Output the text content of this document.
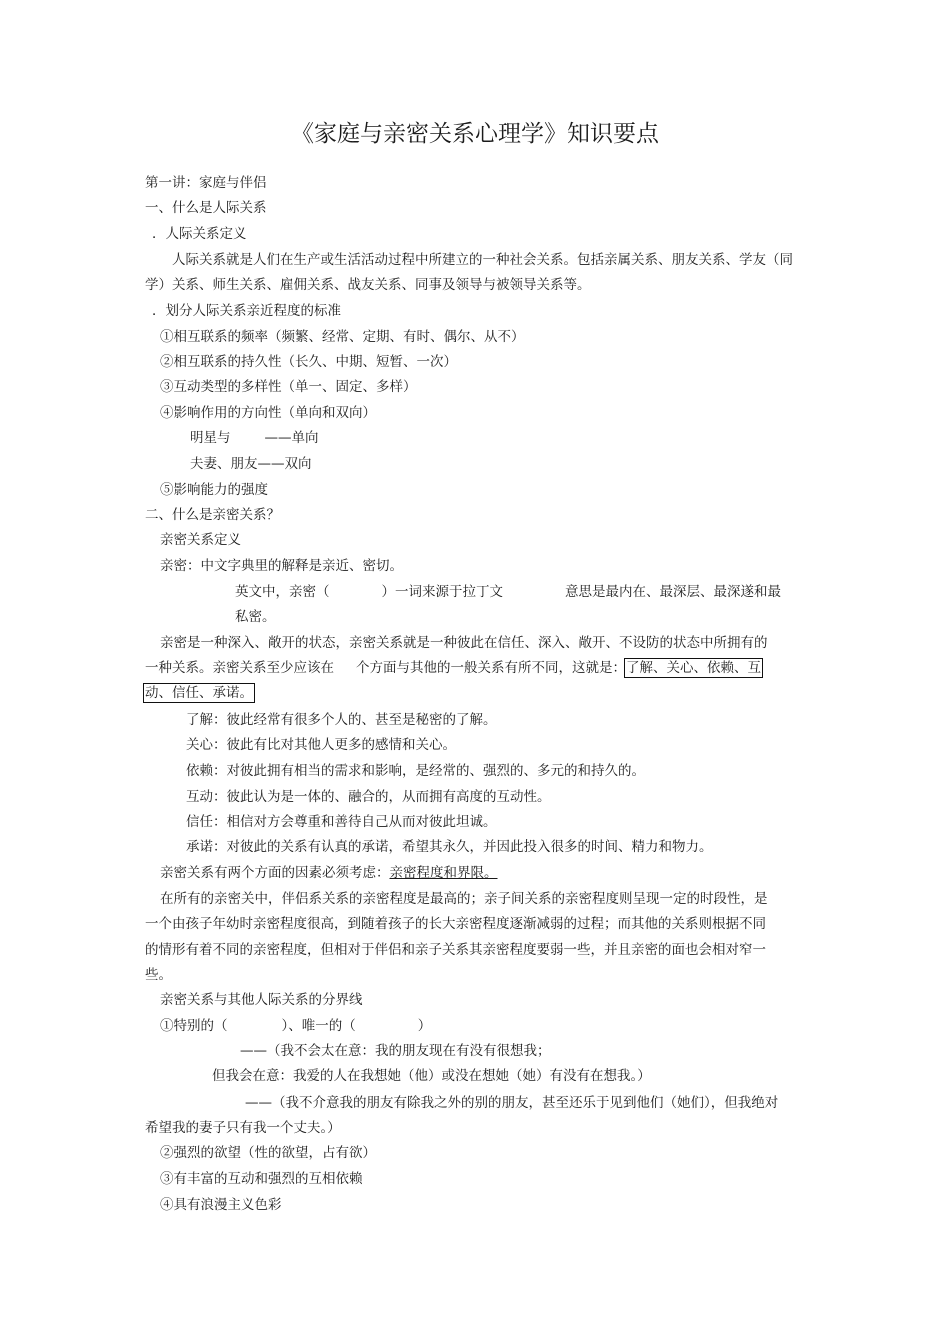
《家庭与亲密关系心理学》知识要点
第一讲：家庭与伴侣
一、什么是人际关系
．人际关系定义
人际关系就是人们在生产或生活活动过程中所建立的一种社会关系。包括亲属关系、朋友关系、学友（同
学）关系、师生关系、雇佣关系、战友关系、同事及领导与被领导关系等。
．划分人际关系亲近程度的标准
①相互联系的频率（频繁、经常、定期、有时、偶尔、从不）
②相互联系的持久性（长久、中期、短暂、一次）
③互动类型的多样性（单一、固定、多样）
④影响作用的方向性（单向和双向）
明星与	——单向
夫妻、朋友——双向
⑤影响能力的强度
二、什么是亲密关系？
亲密关系定义
亲密：中文字典里的解释是亲近、密切。
英文中，亲密（	）一词来源于拉丁文	意思是最内在、最深层、最深遂和最
私密。
亲密是一种深入、敞开的状态，亲密关系就是一种彼此在信任、深入、敞开、不设防的状态中所拥有的
一种关系。亲密关系至少应该在 个方面与其他的一般关系有所不同，这就是：了解、关心、依赖、互
动、信任、承诺。
了解：彼此经常有很多个人的、甚至是秘密的了解。
关心：彼此有比对其他人更多的感情和关心。
依赖：对彼此拥有相当的需求和影响，是经常的、强烈的、多元的和持久的。
互动：彼此认为是一体的、融合的，从而拥有高度的互动性。
信任：相信对方会尊重和善待自己从而对彼此坦诚。
承诺：对彼此的关系有认真的承诺，希望其永久，并因此投入很多的时间、精力和物力。
亲密关系有两个方面的因素必须考虑：亲密程度和界限。
在所有的亲密关中，伴侣系关系的亲密程度是最高的；亲子间关系的亲密程度则呈现一定的时段性，是
一个由孩子年幼时亲密程度很高，到随着孩子的长大亲密程度逐渐减弱的过程；而其他的关系则根据不同
的情形有着不同的亲密程度，但相对于伴侣和亲子关系其亲密程度要弱一些，并且亲密的面也会相对窄一
些。
亲密关系与其他人际关系的分界线
①特别的（	）、唯一的（	）
——（我不会太在意：我的朋友现在有没有很想我；
但我会在意：我爱的人在我想她（他）或没在想她（她）有没有在想我。）
——（我不介意我的朋友有除我之外的别的朋友，甚至还乐于见到他们（她们），但我绝对
希望我的妻子只有我一个丈夫。）
②强烈的欲望（性的欲望，占有欲）
③有丰富的互动和强烈的互相依赖
④具有浪漫主义色彩
